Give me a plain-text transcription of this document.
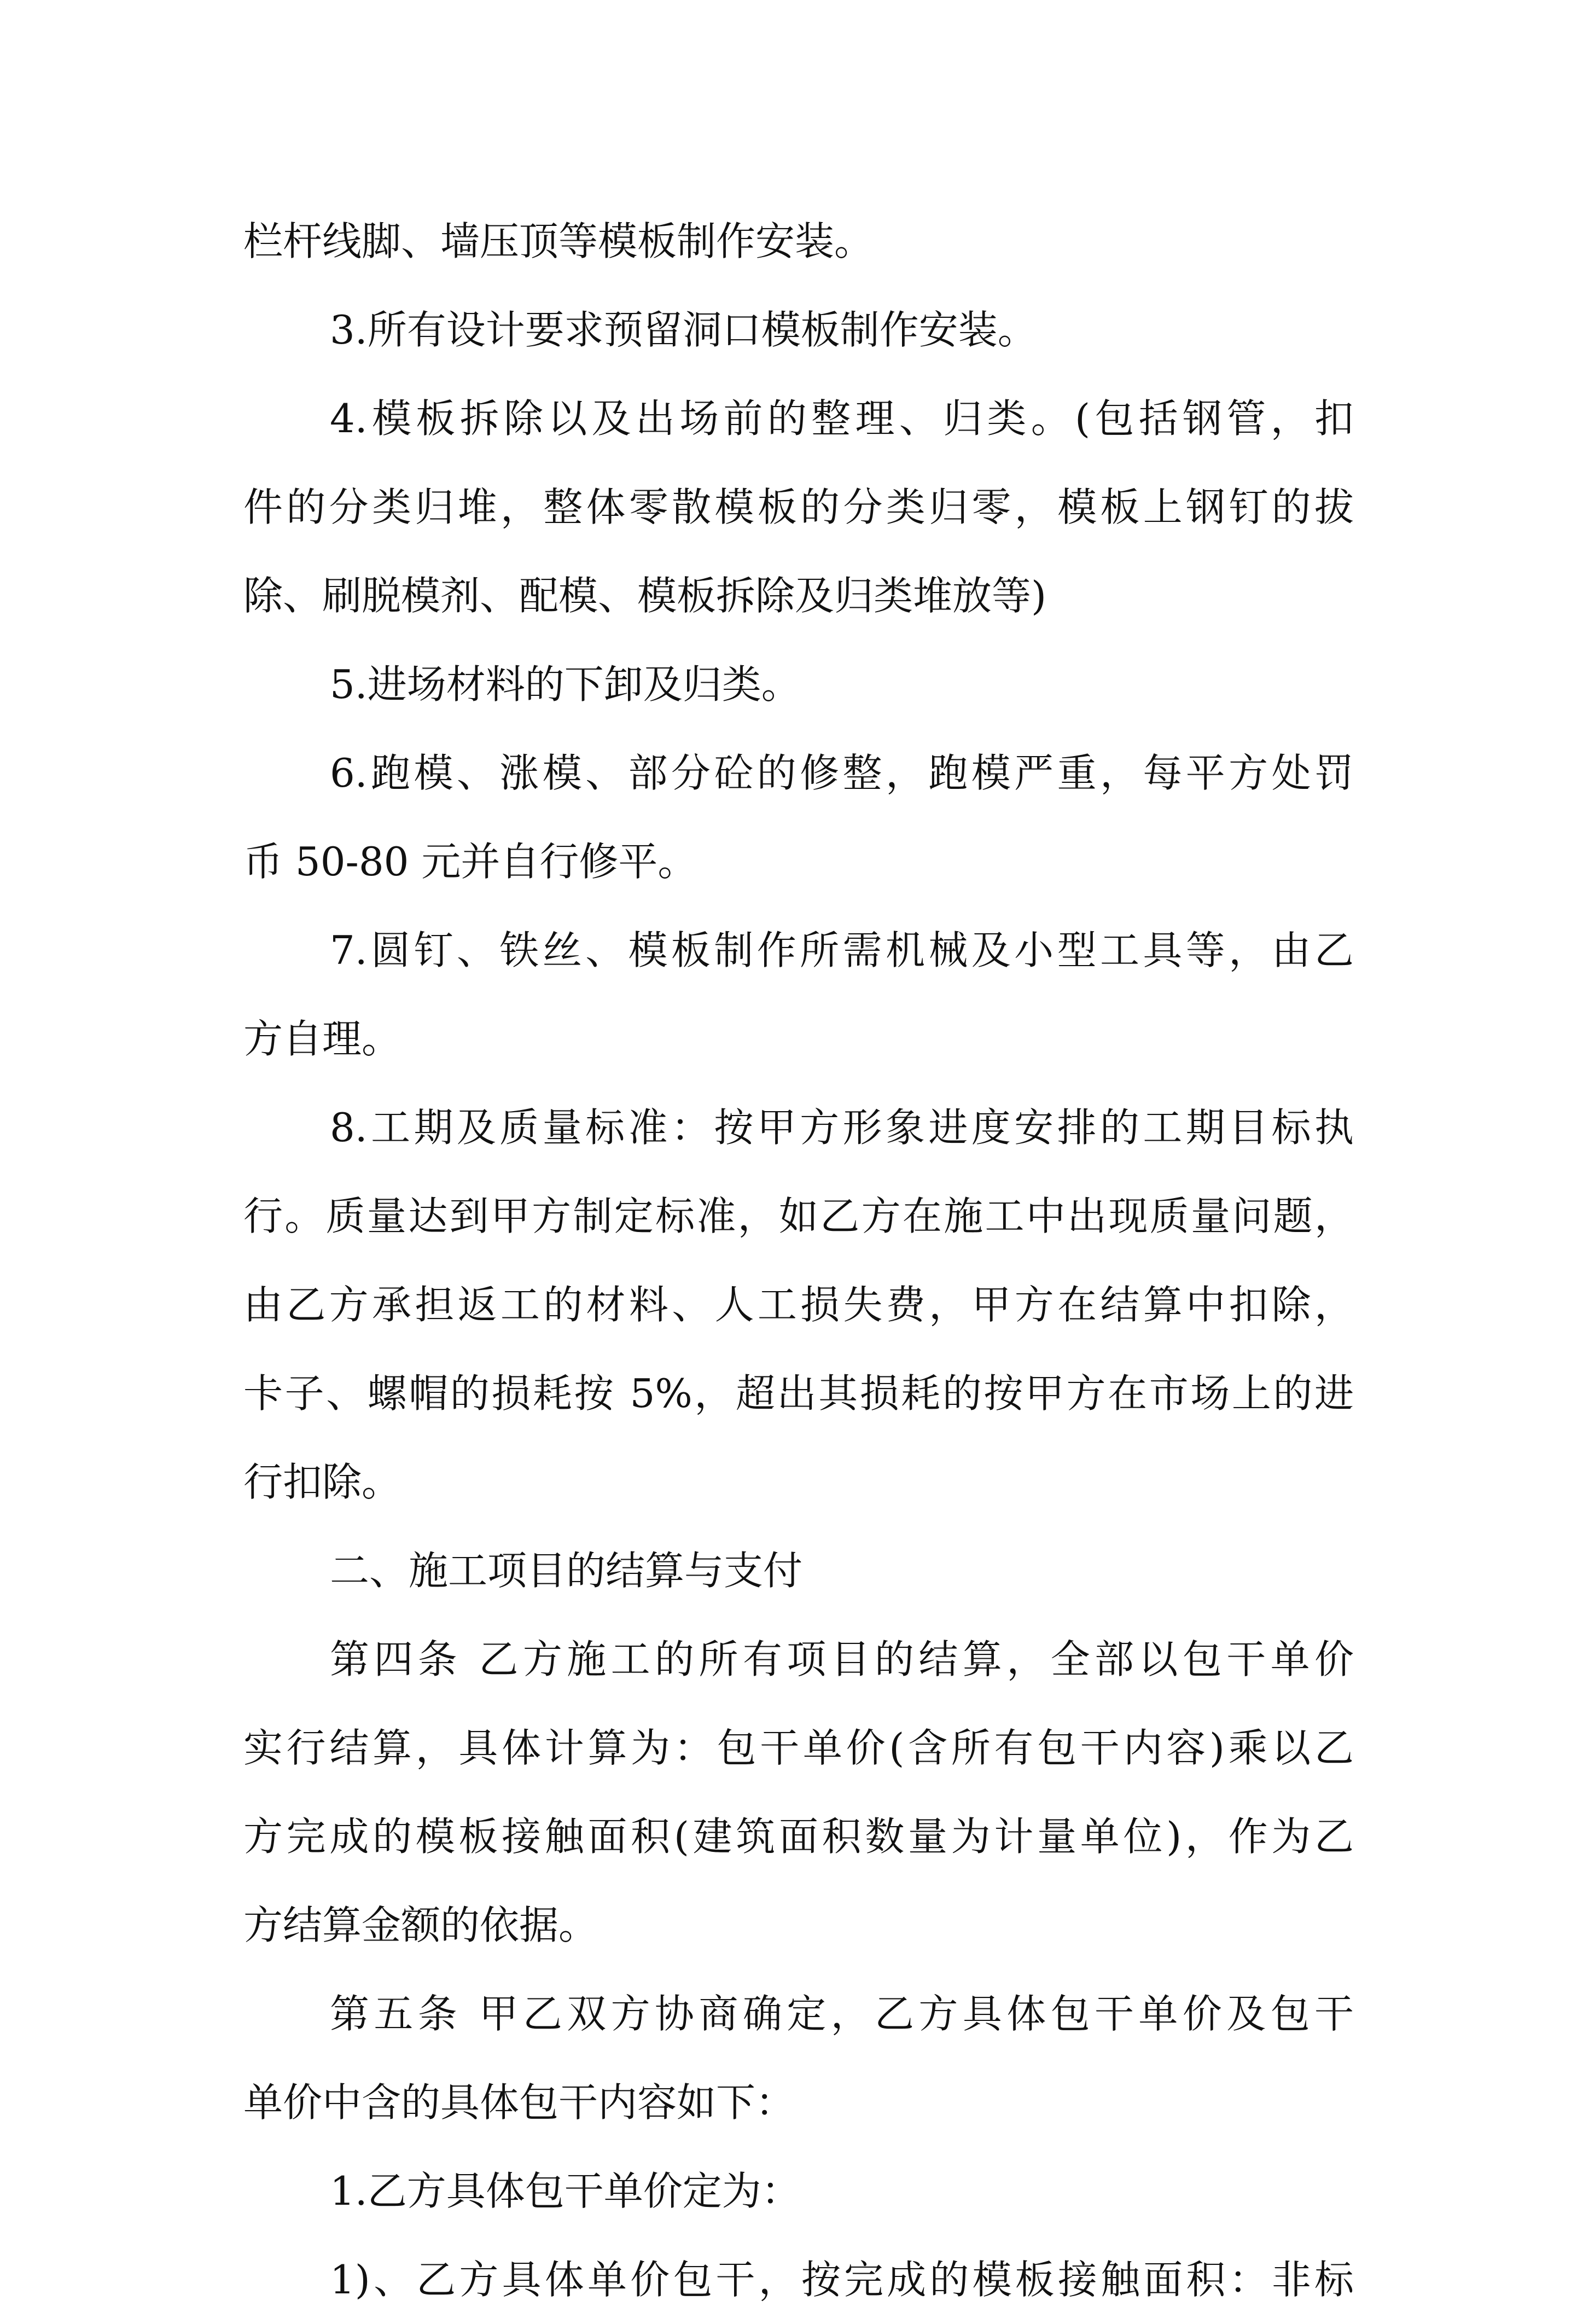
栏杆线脚、墙压顶等模板制作安装。
3.所有设计要求预留洞口模板制作安装。
4.模板拆除以及出场前的整理、归类。(包括钢管，扣
件的分类归堆，整体零散模板的分类归零，模板上钢钉的拔
除、刷脱模剂、配模、模板拆除及归类堆放等)
5.进场材料的下卸及归类。
6.跑模、涨模、部分砼的修整，跑模严重，每平方处罚
币 50-80 元并自行修平。
7.圆钉、铁丝、模板制作所需机械及小型工具等，由乙
方自理。
8.工期及质量标准：按甲方形象进度安排的工期目标执
行。质量达到甲方制定标准，如乙方在施工中出现质量问题，
由乙方承担返工的材料、人工损失费，甲方在结算中扣除，
卡子、螺帽的损耗按 5%，超出其损耗的按甲方在市场上的进
行扣除。
二、施工项目的结算与支付
第四条 乙方施工的所有项目的结算，全部以包干单价
实行结算，具体计算为：包干单价(含所有包干内容)乘以乙
方完成的模板接触面积(建筑面积数量为计量单位)，作为乙
方结算金额的依据。
第五条 甲乙双方协商确定，乙方具体包干单价及包干
单价中含的具体包干内容如下：
1.乙方具体包干单价定为：
1)、乙方具体单价包干，按完成的模板接触面积：非标
